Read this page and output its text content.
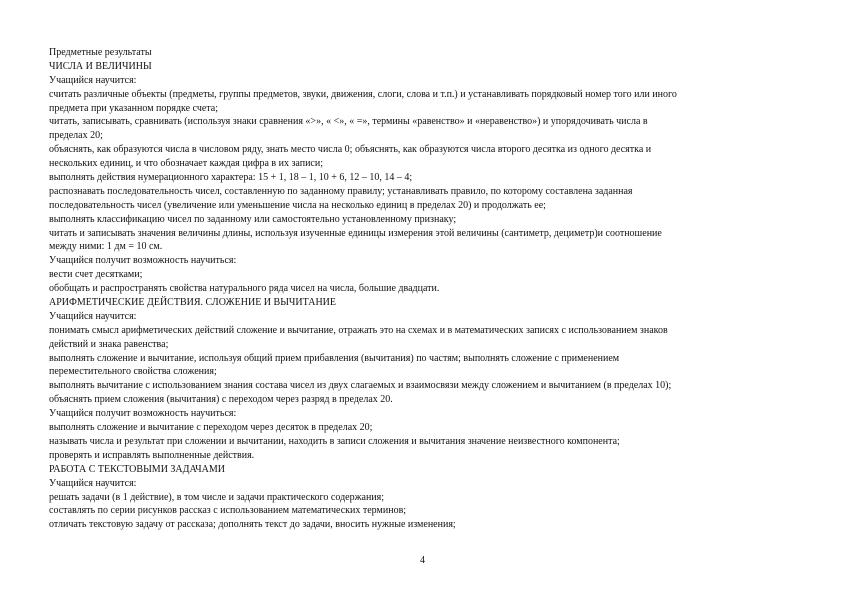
Предметные результаты
ЧИСЛА И ВЕЛИЧИНЫ
Учащийся научится:
считать различные объекты (предметы, группы предметов, звуки, движения, слоги, слова и т.п.) и устанавливать порядковый номер того или иного
предмета при указанном порядке счета;
читать, записывать, сравнивать (используя знаки сравнения «>», « <», « =», термины «равенство» и «неравенство») и упорядочивать числа в
пределах 20;
объяснять, как образуются числа в числовом ряду, знать место числа 0; объяснять, как образуются числа второго десятка из одного десятка и
нескольких единиц, и что обозначает каждая цифра в их записи;
выполнять действия нумерационного характера: 15 + 1, 18 – 1, 10 + 6, 12 – 10, 14 – 4;
распознавать последовательность чисел, составленную по заданному правилу; устанавливать правило, по которому составлена заданная
последовательность чисел (увеличение или уменьшение числа на несколько единиц в пределах 20) и продолжать ее;
выполнять классификацию чисел по заданному или самостоятельно установленному признаку;
читать и записывать значения величины длины, используя изученные единицы измерения этой величины (сантиметр, дециметр)и соотношение
между ними: 1 дм = 10 см.
Учащийся получит возможность научиться:
вести счет десятками;
обобщать и распространять свойства натурального ряда чисел на числа, большие двадцати.
АРИФМЕТИЧЕСКИЕ ДЕЙСТВИЯ. СЛОЖЕНИЕ И ВЫЧИТАНИЕ
Учащийся научится:
понимать смысл арифметических действий сложение и вычитание, отражать это на схемах и в математических записях с использованием знаков
действий и знака равенства;
выполнять сложение и вычитание, используя общий прием прибавления (вычитания) по частям; выполнять сложение с применением
переместительного свойства сложения;
выполнять вычитание с использованием знания состава чисел из двух слагаемых и взаимосвязи между сложением и вычитанием (в пределах 10);
объяснять прием сложения (вычитания) с переходом через разряд в пределах 20.
Учащийся получит возможность научиться:
выполнять сложение и вычитание с переходом через десяток в пределах 20;
называть числа и результат при сложении и вычитании, находить в записи сложения и вычитания значение неизвестного компонента;
проверять и исправлять выполненные действия.
РАБОТА С ТЕКСТОВЫМИ ЗАДАЧАМИ
Учащийся научится:
решать задачи (в 1 действие), в том числе и задачи практического содержания;
составлять по серии рисунков рассказ с использованием математических терминов;
отличать текстовую задачу от рассказа; дополнять текст до задачи, вносить нужные изменения;
4
